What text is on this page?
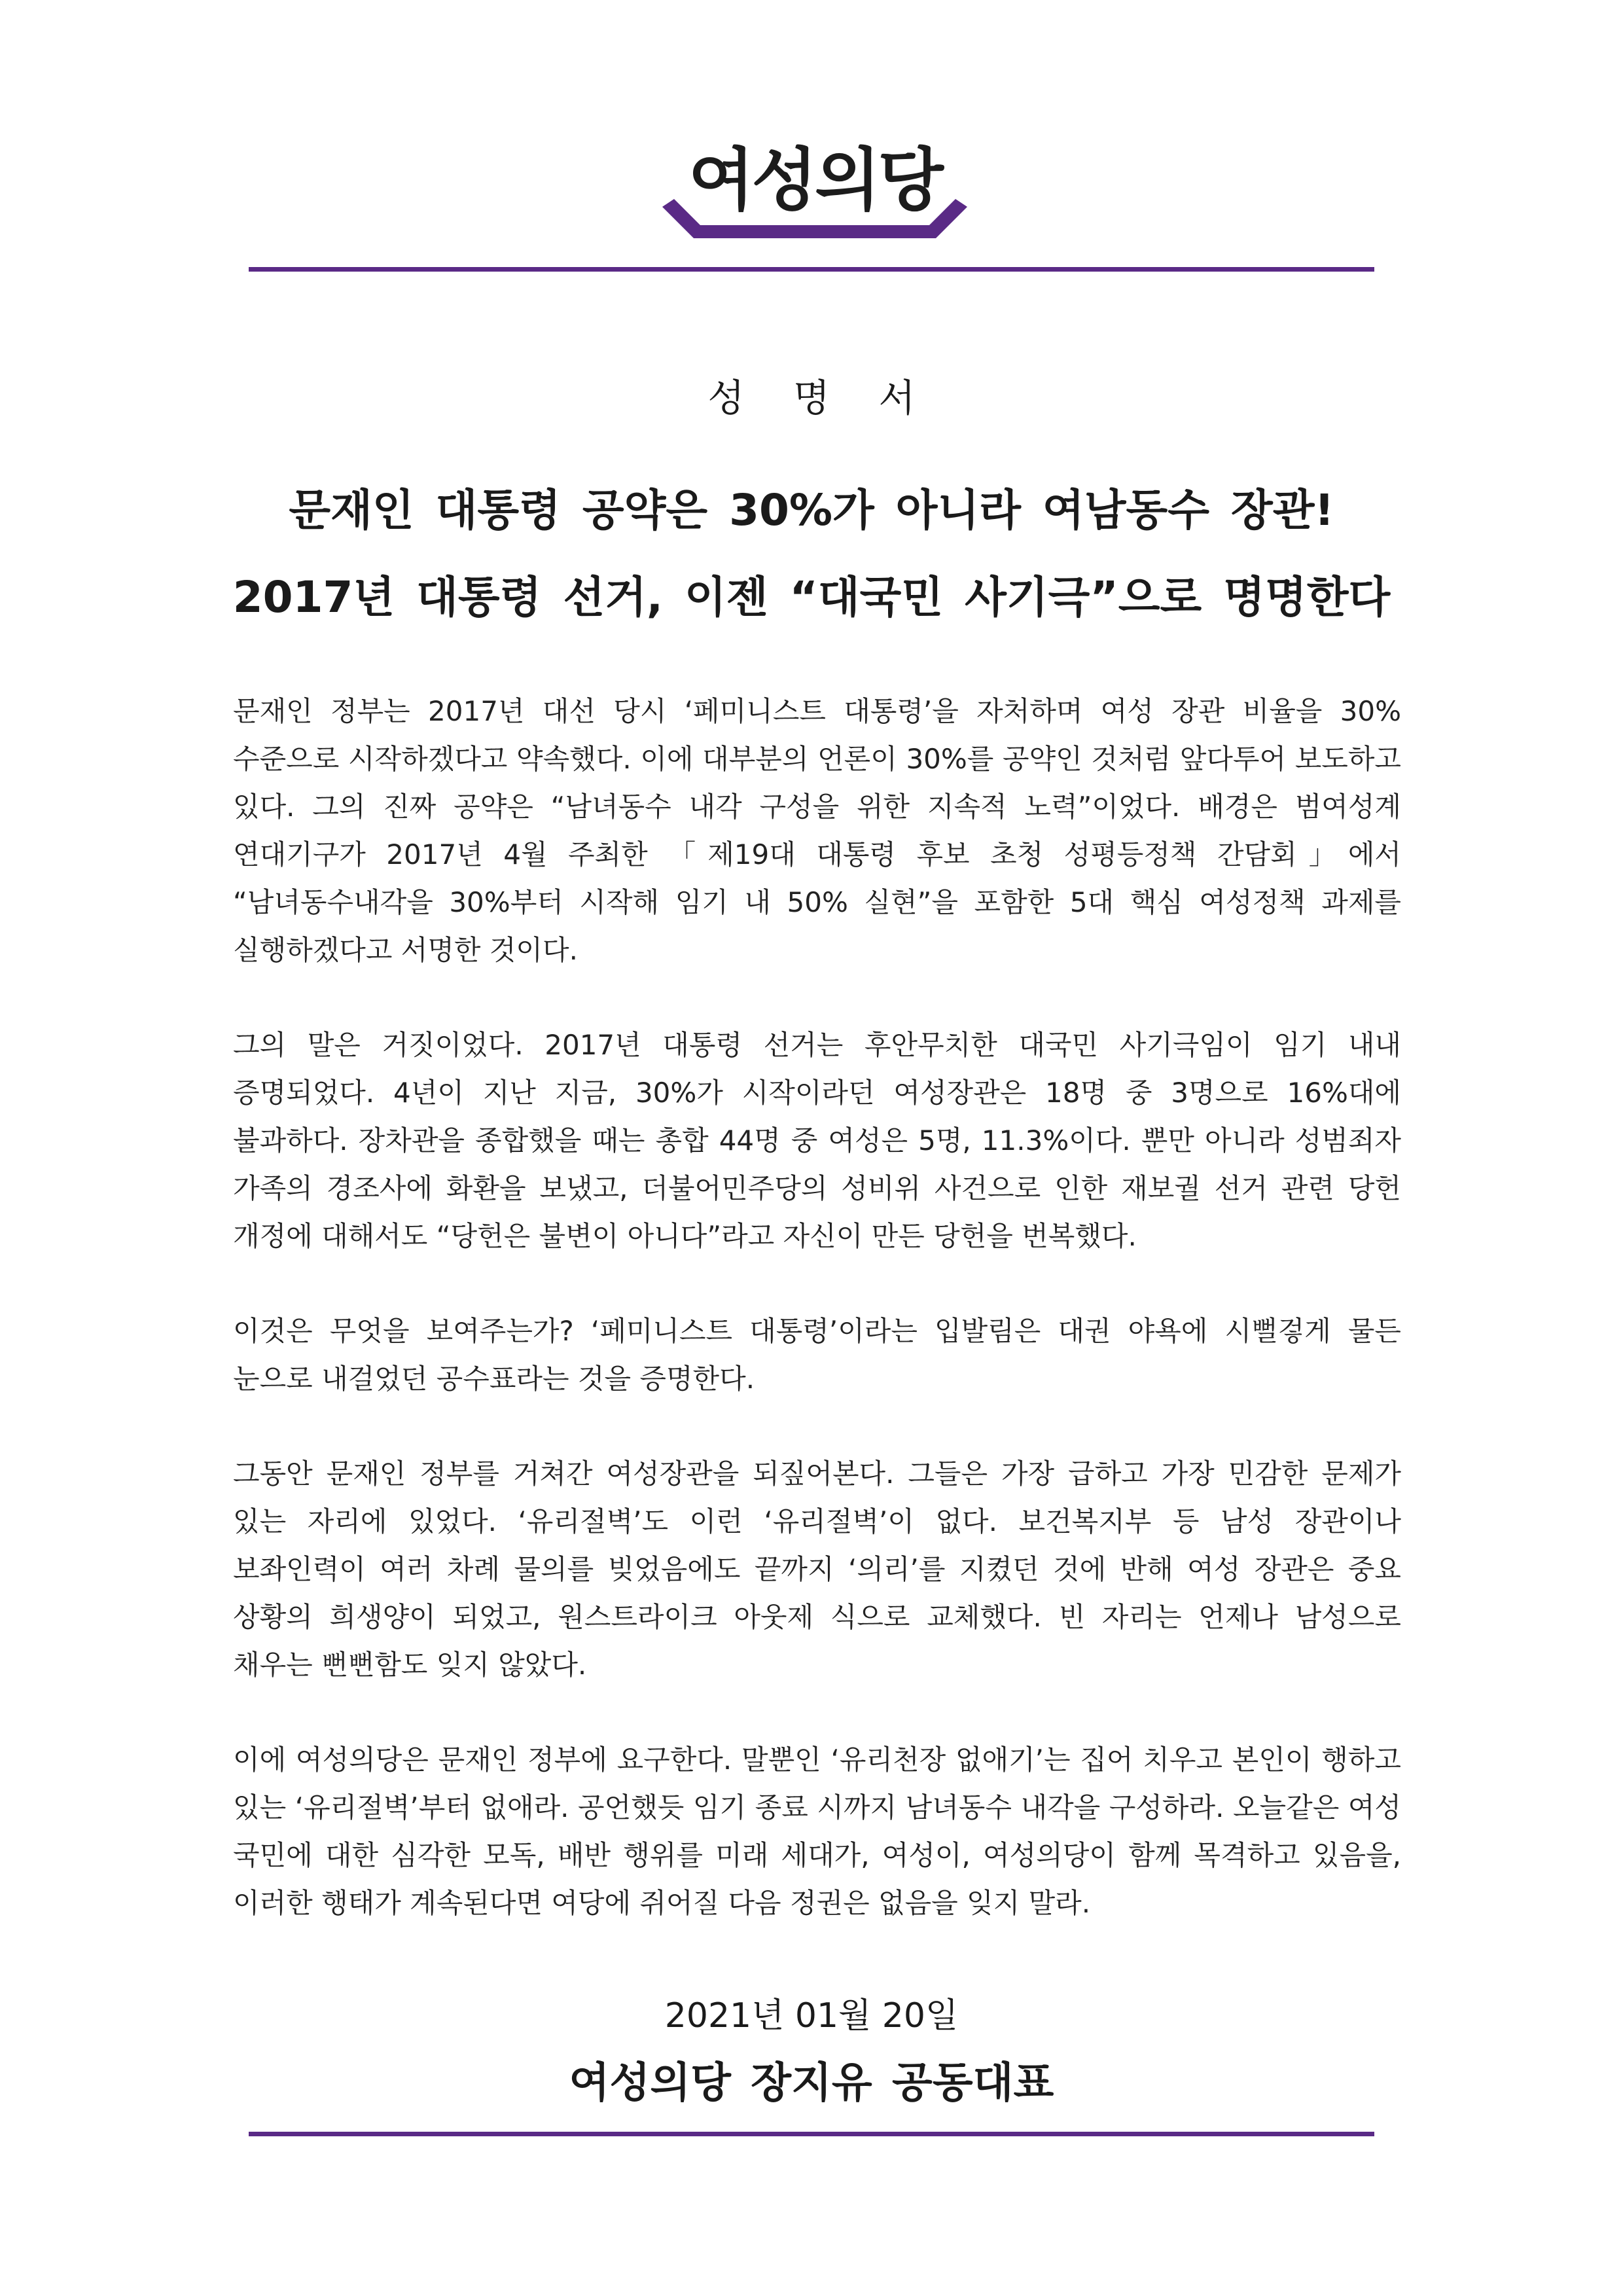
여성의당
성 명 서
문재인 대통령 공약은 30%가 아니라 여남동수 장관!
2017년 대통령 선거, 이젠 “대국민 사기극”으로 명명한다

문재인 정부는 2017년 대선 당시 ‘페미니스트 대통령’을 자처하며 여성 장관 비율을 30% 수준으로 시작하겠다고 약속했다. 이에 대부분의 언론이 30%를 공약인 것처럼 앞다투어 보도하고 있다. 그의 진짜 공약은 “남녀동수 내각 구성을 위한 지속적 노력”이었다. 배경은 범여성계 연대기구가 2017년 4월 주최한 「제19대 대통령 후보 초청 성평등정책 간담회」에서 “남녀동수내각을 30%부터 시작해 임기 내 50% 실현”을 포함한 5대 핵심 여성정책 과제를 실행하겠다고 서명한 것이다.

그의 말은 거짓이었다. 2017년 대통령 선거는 후안무치한 대국민 사기극임이 임기 내내 증명되었다. 4년이 지난 지금, 30%가 시작이라던 여성장관은 18명 중 3명으로 16%대에 불과하다. 장차관을 종합했을 때는 총합 44명 중 여성은 5명, 11.3%이다. 뿐만 아니라 성범죄자 가족의 경조사에 화환을 보냈고, 더불어민주당의 성비위 사건으로 인한 재보궐 선거 관련 당헌 개정에 대해서도 “당헌은 불변이 아니다”라고 자신이 만든 당헌을 번복했다.

이것은 무엇을 보여주는가? ‘페미니스트 대통령’이라는 입발림은 대권 야욕에 시뻘겋게 물든 눈으로 내걸었던 공수표라는 것을 증명한다.

그동안 문재인 정부를 거쳐간 여성장관을 되짚어본다. 그들은 가장 급하고 가장 민감한 문제가 있는 자리에 있었다. ‘유리절벽’도 이런 ‘유리절벽’이 없다. 보건복지부 등 남성 장관이나 보좌인력이 여러 차례 물의를 빚었음에도 끝까지 ‘의리’를 지켰던 것에 반해 여성 장관은 중요 상황의 희생양이 되었고, 원스트라이크 아웃제 식으로 교체했다. 빈 자리는 언제나 남성으로 채우는 뻔뻔함도 잊지 않았다.

이에 여성의당은 문재인 정부에 요구한다. 말뿐인 ‘유리천장 없애기’는 집어 치우고 본인이 행하고 있는 ‘유리절벽’부터 없애라. 공언했듯 임기 종료 시까지 남녀동수 내각을 구성하라. 오늘같은 여성 국민에 대한 심각한 모독, 배반 행위를 미래 세대가, 여성이, 여성의당이 함께 목격하고 있음을, 이러한 행태가 계속된다면 여당에 쥐어질 다음 정권은 없음을 잊지 말라.

2021년 01월 20일
여성의당 장지유 공동대표
